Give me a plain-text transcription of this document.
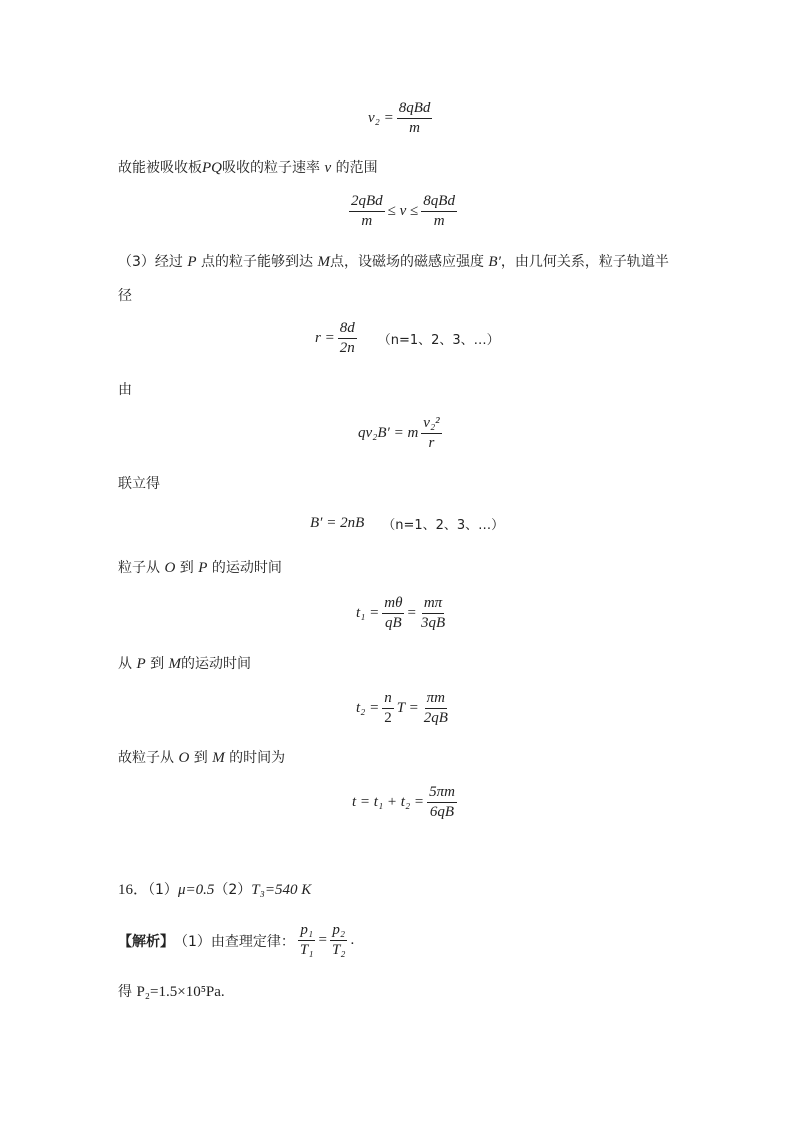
$v_2 = \frac{\text{8qBd}}{m}$
故能被吸收板PQ吸收的粒子速率 v 的范围
$\frac{\text{2qBd}}{m} \le v \le \frac{\text{8qBd}}{m}$
（3）经过 P 点的粒子能够到达 M点，设磁场的磁感应强度 B′，由几何关系，粒子轨道半
径
$r = \frac{8d}{2n} (n=1$、2、3、…）
由
qv₂B′ = m $\frac{\text{v₂²}}{r}$
联立得
B′ = 2nB （n=1、2、3、…）
粒子从 O 到 P 的运动时间
$t_1 = \frac{m\theta}{qB} = \frac{m\pi}{3qB}$
从 P 到 M的运动时间
$t_2 = \frac{n}{2}$ $T = \frac{\pi m}{2qB}$
故粒子从 O 到 M 的时间为
$t = t_1 + t_2 = \frac{5\pi m}{6qB}$
16．（1）μ=0.5（2）T₃=540 K
【解析】 （1）由查理定律： $\frac{\text{p₁}}{\text{T₁}} = \frac{\text{p₂}}{\text{T₂}}$ .
得 P₂=1.5×10⁵Pa.
